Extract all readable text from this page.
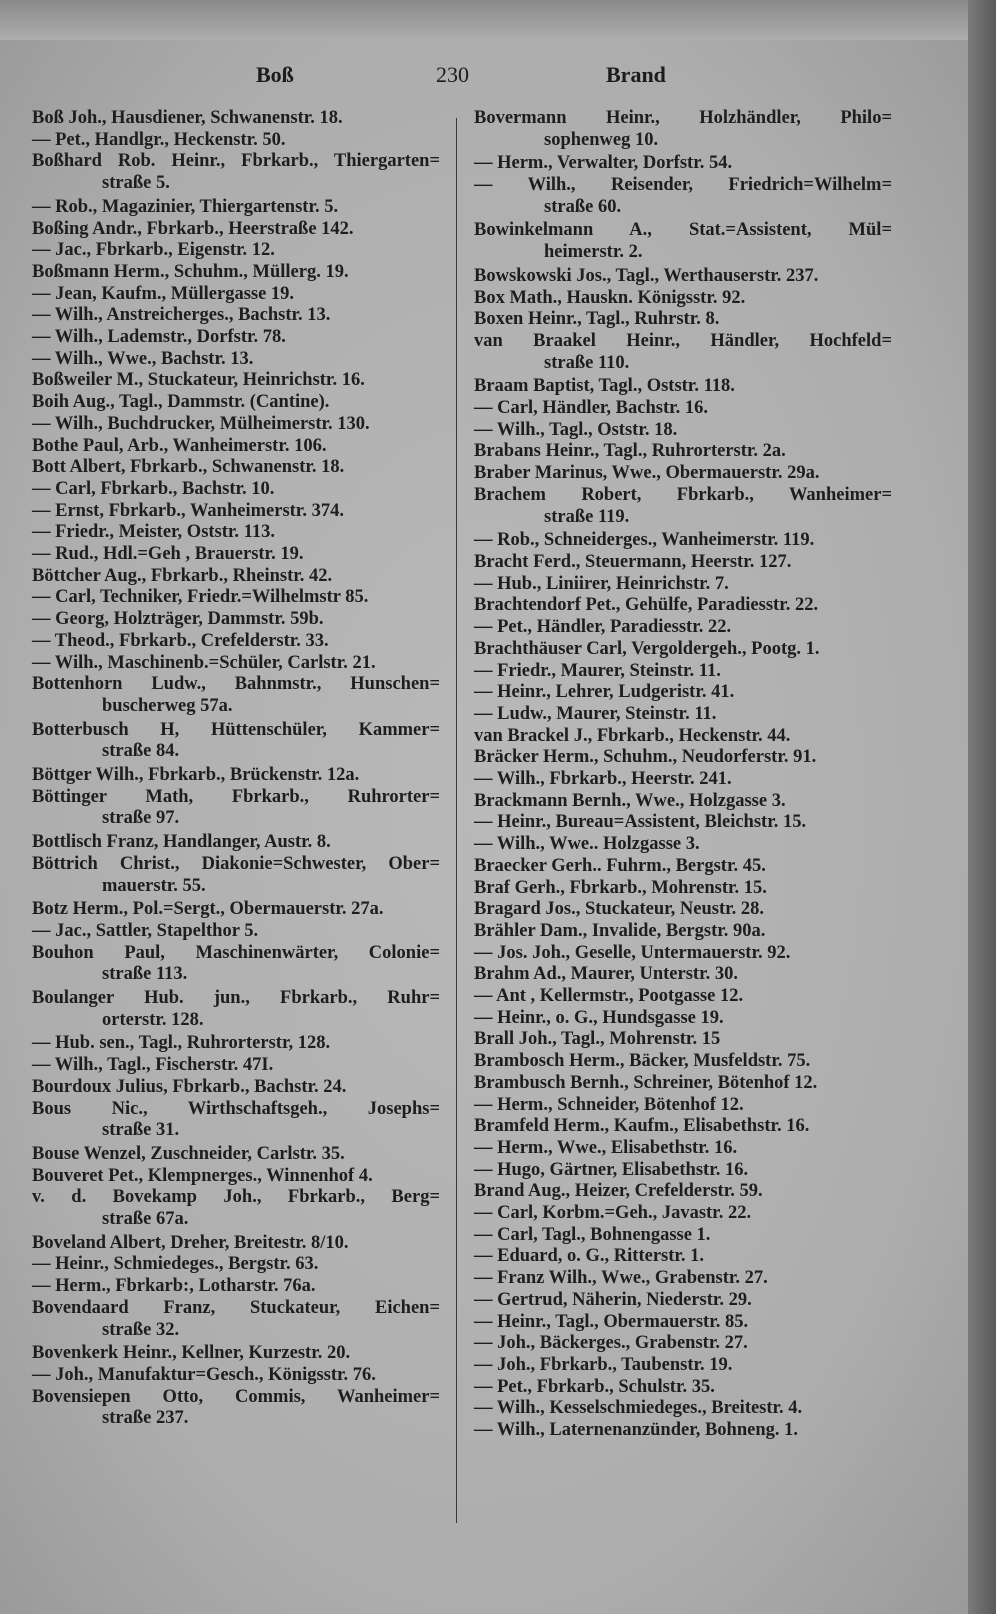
Boß	230	Brand
Boß Joh., Hausdiener, Schwanenstr. 18.
— Pet., Handlgr., Heckenstr. 50.
Boßhard Rob. Heinr., Fbrkarb., Thiergarten=
straße 5.
— Rob., Magazinier, Thiergartenstr. 5.
Boßing Andr., Fbrkarb., Heerstraße 142.
— Jac., Fbrkarb., Eigenstr. 12.
Boßmann Herm., Schuhm., Müllerg. 19.
— Jean, Kaufm., Müllergasse 19.
— Wilh., Anstreicherges., Bachstr. 13.
— Wilh., Lademstr., Dorfstr. 78.
— Wilh., Wwe., Bachstr. 13.
Boßweiler M., Stuckateur, Heinrichstr. 16.
Boih Aug., Tagl., Dammstr. (Cantine).
— Wilh., Buchdrucker, Mülheimerstr. 130.
Bothe Paul, Arb., Wanheimerstr. 106.
Bott Albert, Fbrkarb., Schwanenstr. 18.
— Carl, Fbrkarb., Bachstr. 10.
— Ernst, Fbrkarb., Wanheimerstr. 374.
— Friedr., Meister, Oststr. 113.
— Rud., Hdl.=Geh , Brauerstr. 19.
Böttcher Aug., Fbrkarb., Rheinstr. 42.
— Carl, Techniker, Friedr.=Wilhelmstr 85.
— Georg, Holzträger, Dammstr. 59b.
— Theod., Fbrkarb., Crefelderstr. 33.
— Wilh., Maschinenb.=Schüler, Carlstr. 21.
Bottenhorn Ludw., Bahnmstr., Hunschen=
buscherweg 57a.
Botterbusch H, Hüttenschüler, Kammer=
straße 84.
Böttger Wilh., Fbrkarb., Brückenstr. 12a.
Böttinger Math, Fbrkarb., Ruhrorter=
straße 97.
Bottlisch Franz, Handlanger, Austr. 8.
Böttrich Christ., Diakonie=Schwester, Ober=
mauerstr. 55.
Botz Herm., Pol.=Sergt., Obermauerstr. 27a.
— Jac., Sattler, Stapelthor 5.
Bouhon Paul, Maschinenwärter, Colonie=
straße 113.
Boulanger Hub. jun., Fbrkarb., Ruhr=
orterstr. 128.
— Hub. sen., Tagl., Ruhrorterstr, 128.
— Wilh., Tagl., Fischerstr. 47I.
Bourdoux Julius, Fbrkarb., Bachstr. 24.
Bous Nic., Wirthschaftsgeh., Josephs=
straße 31.
Bouse Wenzel, Zuschneider, Carlstr. 35.
Bouveret Pet., Klempnerges., Winnenhof 4.
v. d. Bovekamp Joh., Fbrkarb., Berg=
straße 67a.
Boveland Albert, Dreher, Breitestr. 8/10.
— Heinr., Schmiedeges., Bergstr. 63.
— Herm., Fbrkarb:, Lotharstr. 76a.
Bovendaard Franz, Stuckateur, Eichen=
straße 32.
Bovenkerk Heinr., Kellner, Kurzestr. 20.
— Joh., Manufaktur=Gesch., Königsstr. 76.
Bovensiepen Otto, Commis, Wanheimer=
straße 237.
Bovermann Heinr., Holzhändler, Philo=
sophenweg 10.
— Herm., Verwalter, Dorfstr. 54.
— Wilh., Reisender, Friedrich=Wilhelm=
straße 60.
Bowinkelmann A., Stat.=Assistent, Mül=
heimerstr. 2.
Bowskowski Jos., Tagl., Werthauserstr. 237.
Box Math., Hauskn. Königsstr. 92.
Boxen Heinr., Tagl., Ruhrstr. 8.
van Braakel Heinr., Händler, Hochfeld=
straße 110.
Braam Baptist, Tagl., Oststr. 118.
— Carl, Händler, Bachstr. 16.
— Wilh., Tagl., Oststr. 18.
Brabans Heinr., Tagl., Ruhrorterstr. 2a.
Braber Marinus, Wwe., Obermauerstr. 29a.
Brachem Robert, Fbrkarb., Wanheimer=
straße 119.
— Rob., Schneiderges., Wanheimerstr. 119.
Bracht Ferd., Steuermann, Heerstr. 127.
— Hub., Liniirer, Heinrichstr. 7.
Brachtendorf Pet., Gehülfe, Paradiesstr. 22.
— Pet., Händler, Paradiesstr. 22.
Brachthäuser Carl, Vergoldergeh., Pootg. 1.
— Friedr., Maurer, Steinstr. 11.
— Heinr., Lehrer, Ludgeristr. 41.
— Ludw., Maurer, Steinstr. 11.
van Brackel J., Fbrkarb., Heckenstr. 44.
Bräcker Herm., Schuhm., Neudorferstr. 91.
— Wilh., Fbrkarb., Heerstr. 241.
Brackmann Bernh., Wwe., Holzgasse 3.
— Heinr., Bureau=Assistent, Bleichstr. 15.
— Wilh., Wwe.. Holzgasse 3.
Braecker Gerh.. Fuhrm., Bergstr. 45.
Braf Gerh., Fbrkarb., Mohrenstr. 15.
Bragard Jos., Stuckateur, Neustr. 28.
Brähler Dam., Invalide, Bergstr. 90a.
— Jos. Joh., Geselle, Untermauerstr. 92.
Brahm Ad., Maurer, Unterstr. 30.
— Ant , Kellermstr., Pootgasse 12.
— Heinr., o. G., Hundsgasse 19.
Brall Joh., Tagl., Mohrenstr. 15
Brambosch Herm., Bäcker, Musfeldstr. 75.
Brambusch Bernh., Schreiner, Bötenhof 12.
— Herm., Schneider, Bötenhof 12.
Bramfeld Herm., Kaufm., Elisabethstr. 16.
— Herm., Wwe., Elisabethstr. 16.
— Hugo, Gärtner, Elisabethstr. 16.
Brand Aug., Heizer, Crefelderstr. 59.
— Carl, Korbm.=Geh., Javastr. 22.
— Carl, Tagl., Bohnengasse 1.
— Eduard, o. G., Ritterstr. 1.
— Franz Wilh., Wwe., Grabenstr. 27.
— Gertrud, Näherin, Niederstr. 29.
— Heinr., Tagl., Obermauerstr. 85.
— Joh., Bäckerges., Grabenstr. 27.
— Joh., Fbrkarb., Taubenstr. 19.
— Pet., Fbrkarb., Schulstr. 35.
— Wilh., Kesselschmiedeges., Breitestr. 4.
— Wilh., Laternenanzünder, Bohneng. 1.
